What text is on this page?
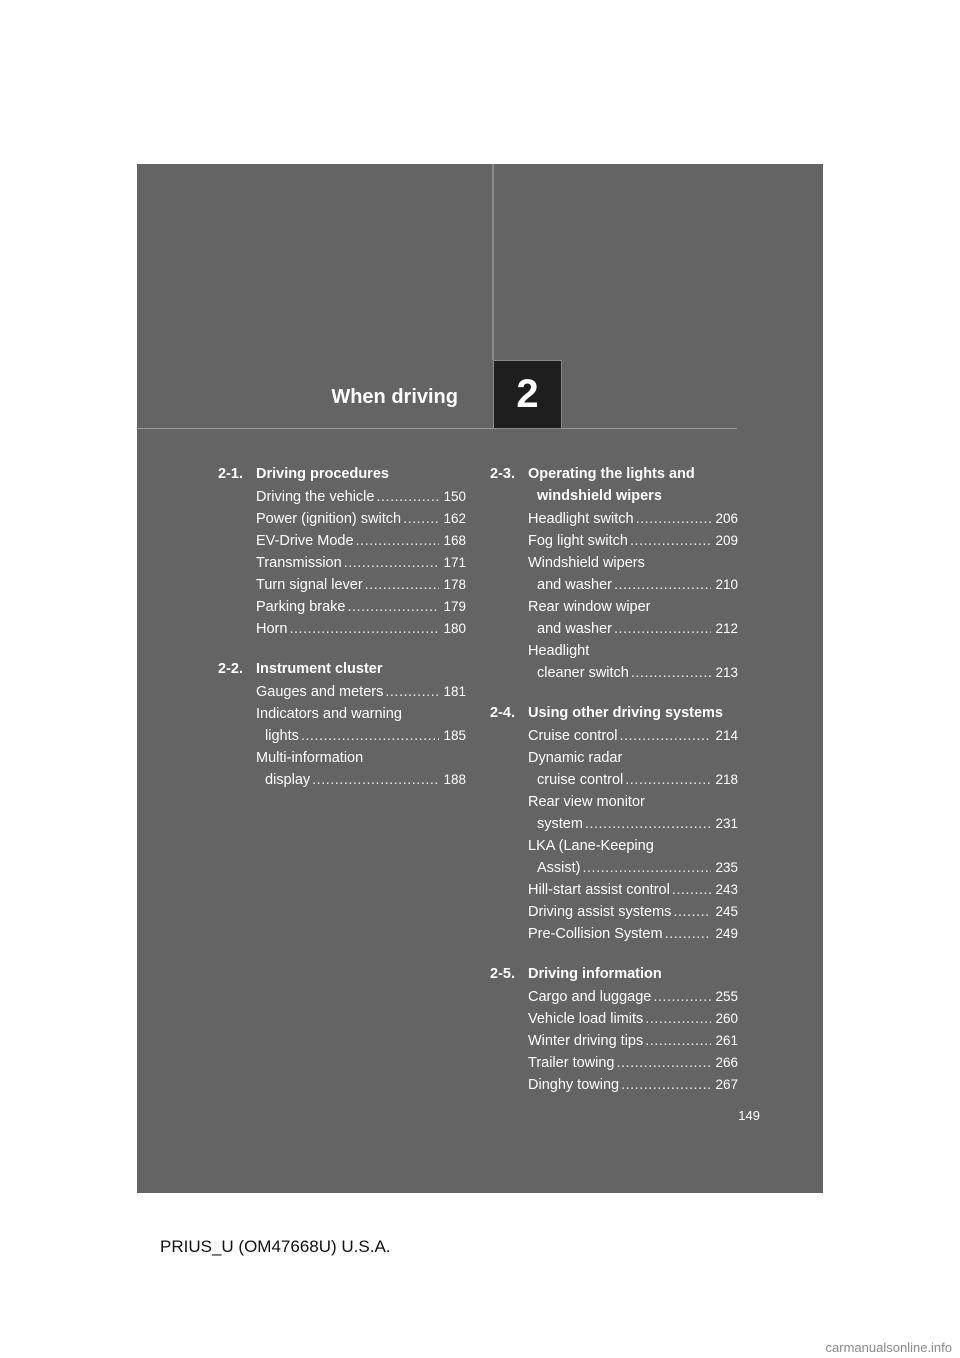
When driving 2
2-1. Driving procedures
Driving the vehicle .....	150
Power (ignition) switch .....	162
EV-Drive Mode .....	168
Transmission .....	171
Turn signal lever .....	178
Parking brake .....	179
Horn .....	180
2-2. Instrument cluster
Gauges and meters .....	181
Indicators and warning
lights .....	185
Multi-information
display .....	188
2-3. Operating the lights and
windshield wipers
Headlight switch .....	206
Fog light switch .....	209
Windshield wipers
and washer .....	210
Rear window wiper
and washer .....	212
Headlight
cleaner switch .....	213
2-4. Using other driving systems
Cruise control .....	214
Dynamic radar
cruise control .....	218
Rear view monitor
system .....	231
LKA (Lane-Keeping
Assist) .....	235
Hill-start assist control .....	243
Driving assist systems .....	245
Pre-Collision System .....	249
2-5. Driving information
Cargo and luggage .....	255
Vehicle load limits .....	260
Winter driving tips .....	261
Trailer towing .....	266
Dinghy towing .....	267
149
PRIUS_U (OM47668U) U.S.A.
carmanualsonline.info
